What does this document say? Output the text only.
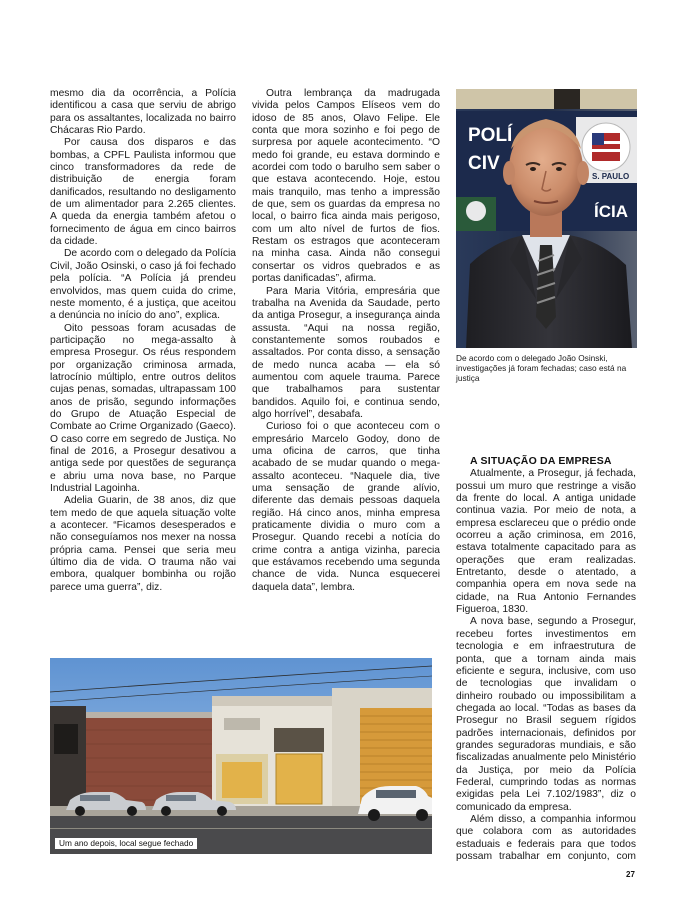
mesmo dia da ocorrência, a Polícia identificou a casa que serviu de abrigo para os assaltantes, localizada no bairro Chácaras Rio Pardo.

Por causa dos disparos e das bombas, a CPFL Paulista informou que cinco transformadores da rede de distribuição de energia foram danificados, resultando no desligamento de um alimentador para 2.265 clientes. A queda da energia também afetou o fornecimento de água em cinco bairros da cidade.

De acordo com o delegado da Polícia Civil, João Osinski, o caso já foi fechado pela polícia. “A Polícia já prendeu envolvidos, mas quem cuida do crime, neste momento, é a justiça, que aceitou a denúncia no início do ano”, explica.

Oito pessoas foram acusadas de participação no mega-assalto à empresa Prosegur. Os réus respondem por organização criminosa armada, latrocínio múltiplo, entre outros delitos cujas penas, somadas, ultrapassam 100 anos de prisão, segundo informações do Grupo de Atuação Especial de Combate ao Crime Organizado (Gaeco). O caso corre em segredo de Justiça. No final de 2016, a Prosegur desativou a antiga sede por questões de segurança e abriu uma nova base, no Parque Industrial Lagoinha.

Adelia Guarin, de 38 anos, diz que tem medo de que aquela situação volte a acontecer. “Ficamos desesperados e não conseguíamos nos mexer na nossa própria cama. Pensei que seria meu último dia de vida. O trauma não vai embora, qualquer bombinha ou rojão parece uma guerra”, diz.

Outra lembrança da madrugada vivida pelos Campos Elíseos vem do idoso de 85 anos, Olavo Felipe. Ele conta que mora sozinho e foi pego de surpresa por aquele acontecimento. “O medo foi grande, eu estava dormindo e acordei com todo o barulho sem saber o que estava acontecendo. Hoje, estou mais tranquilo, mas tenho a impressão de que, sem os guardas da empresa no local, o bairro fica ainda mais perigoso, com um alto nível de furtos de fios. Restam os estragos que aconteceram na minha casa. Ainda não consegui consertar os vidros quebrados e as portas danificadas”, afirma.

Para Maria Vitória, empresária que trabalha na Avenida da Saudade, perto da antiga Prosegur, a insegurança ainda assusta. “Aqui na nossa região, constantemente somos roubados e assaltados. Por conta disso, a sensação de medo nunca acaba — ela só aumentou com aquele trauma. Parece que trabalhamos para sustentar bandidos. Aquilo foi, e continua sendo, algo horrível”, desabafa.

Curioso foi o que aconteceu com o empresário Marcelo Godoy, dono de uma oficina de carros, que tinha acabado de se mudar quando o mega-assalto aconteceu. “Naquele dia, tive uma sensação de grande alívio, diferente das demais pessoas daquela região. Há cinco anos, minha empresa praticamente dividia o muro com a Prosegur. Quando recebi a notícia do crime contra a antiga vizinha, parecia que estávamos recebendo uma segunda chance de vida. Nunca esquecerei daquela data”, lembra.

S. PAULO
POLÍ
CIV
ÍCIA
De acordo com o delegado João Osinski, investigações já foram fechadas; caso está na justiça
A SITUAÇÃO DA EMPRESA

Atualmente, a Prosegur, já fechada, possui um muro que restringe a visão da frente do local. A antiga unidade continua vazia. Por meio de nota, a empresa esclareceu que o prédio onde ocorreu a ação criminosa, em 2016, estava totalmente capacitado para as operações que eram realizadas. Entretanto, desde o atentado, a companhia opera em nova sede na cidade, na Rua Antonio Fernandes Figueroa, 1830.

A nova base, segundo a Prosegur, recebeu fortes investimentos em tecnologia e em infraestrutura de ponta, que a tornam ainda mais eficiente e segura, inclusive, com uso de tecnologias que invalidam o dinheiro roubado ou impossibilitam a chegada ao local. “Todas as bases da Prosegur no Brasil seguem rígidos padrões internacionais, definidos por grandes seguradoras mundiais, e são fiscalizadas anualmente pelo Ministério da Justiça, por meio da Polícia Federal, cumprindo todas as normas exigidas pela Lei 7.102/1983”, diz o comunicado da empresa.

Além disso, a companhia informou que colabora com as autoridades estaduais e federais para que todos possam trabalhar em conjunto, com

Um ano depois, local segue fechado
27
